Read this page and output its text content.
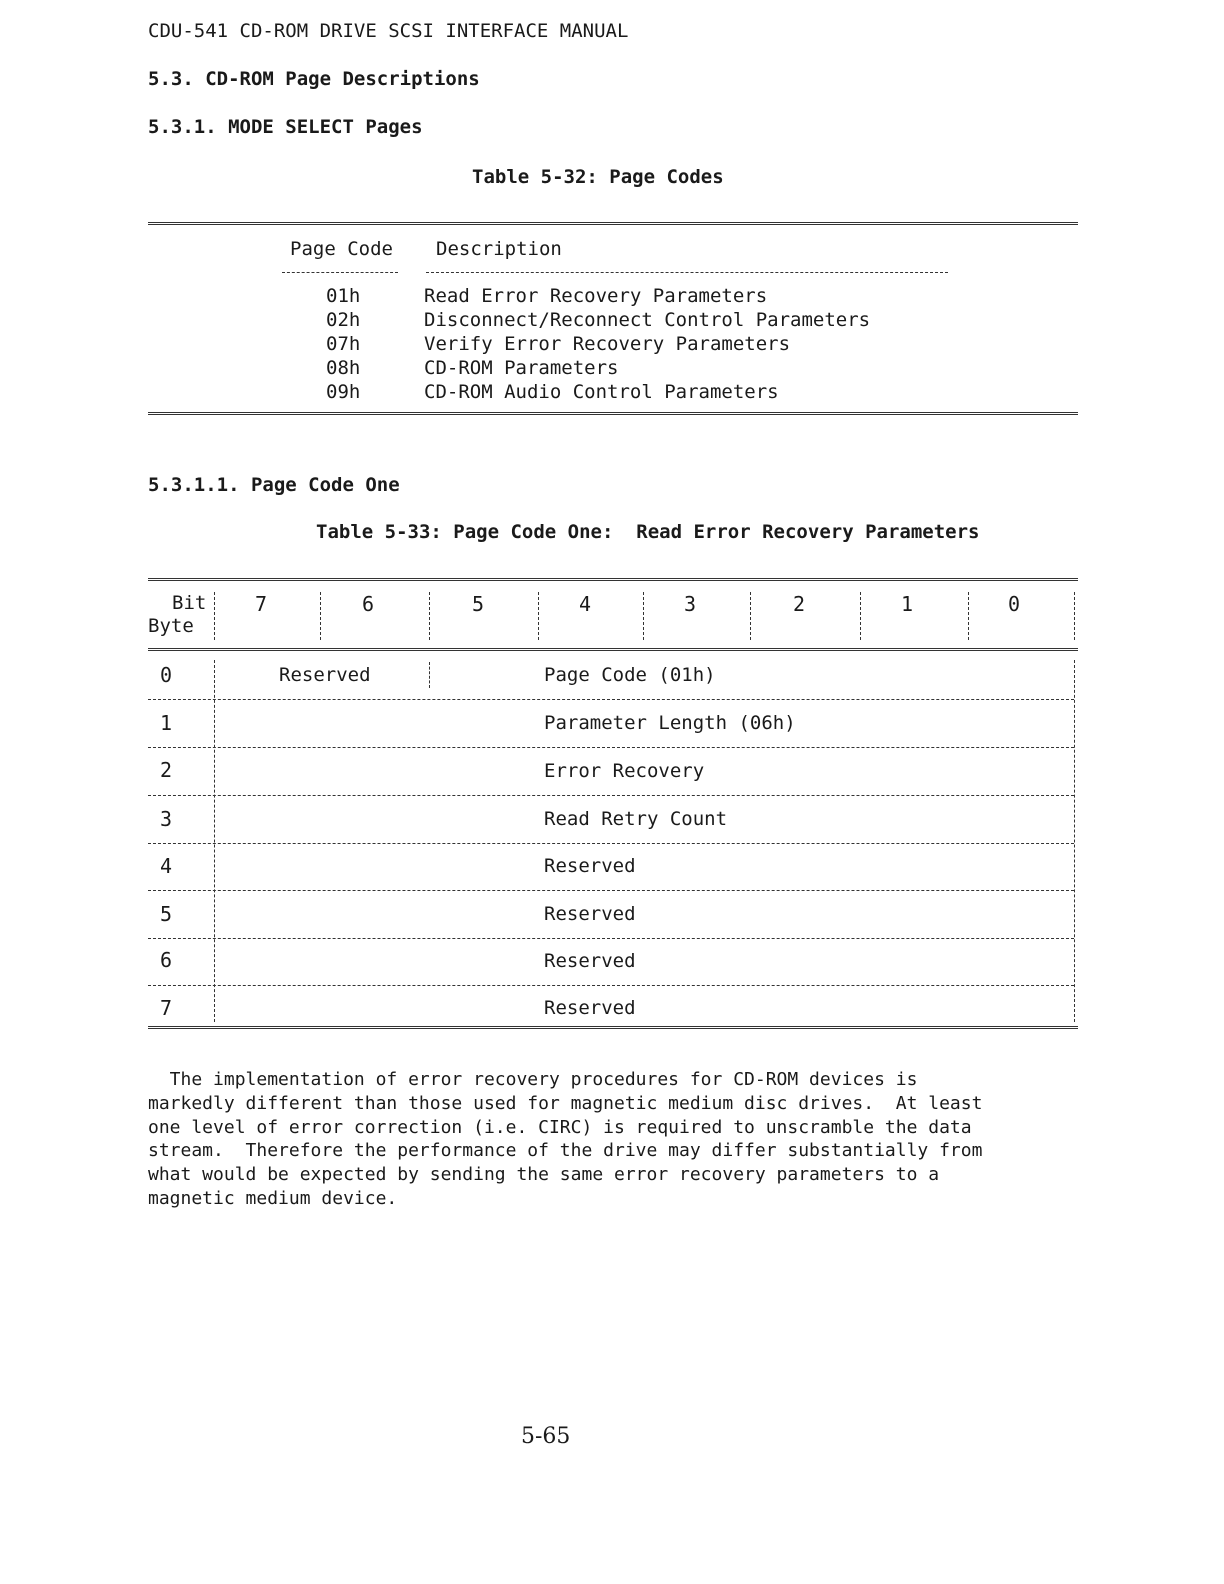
CDU-541 CD-ROM DRIVE SCSI INTERFACE MANUAL
5.3. CD-ROM Page Descriptions
5.3.1. MODE SELECT Pages
Table 5-32: Page Codes
Page Code Description
01h	Read Error Recovery Parameters
02h	Disconnect/Reconnect Control Parameters
07h	Verify Error Recovery Parameters
08h	CD-ROM Parameters
09h	CD-ROM Audio Control Parameters
5.3.1.1. Page Code One
Table 5-33: Page Code One:  Read Error Recovery Parameters
Bit
Byte
7	6	5	4	3	2	1	0
0	Reserved	Page Code (01h)
1	Parameter Length (06h)
2	Error Recovery
3	Read Retry Count
4	Reserved
5	Reserved
6	Reserved
7	Reserved
The implementation of error recovery procedures for CD-ROM devices is
markedly different than those used for magnetic medium disc drives.  At least
one level of error correction (i.e. CIRC) is required to unscramble the data
stream.  Therefore the performance of the drive may differ substantially from
what would be expected by sending the same error recovery parameters to a
magnetic medium device.
5-65
